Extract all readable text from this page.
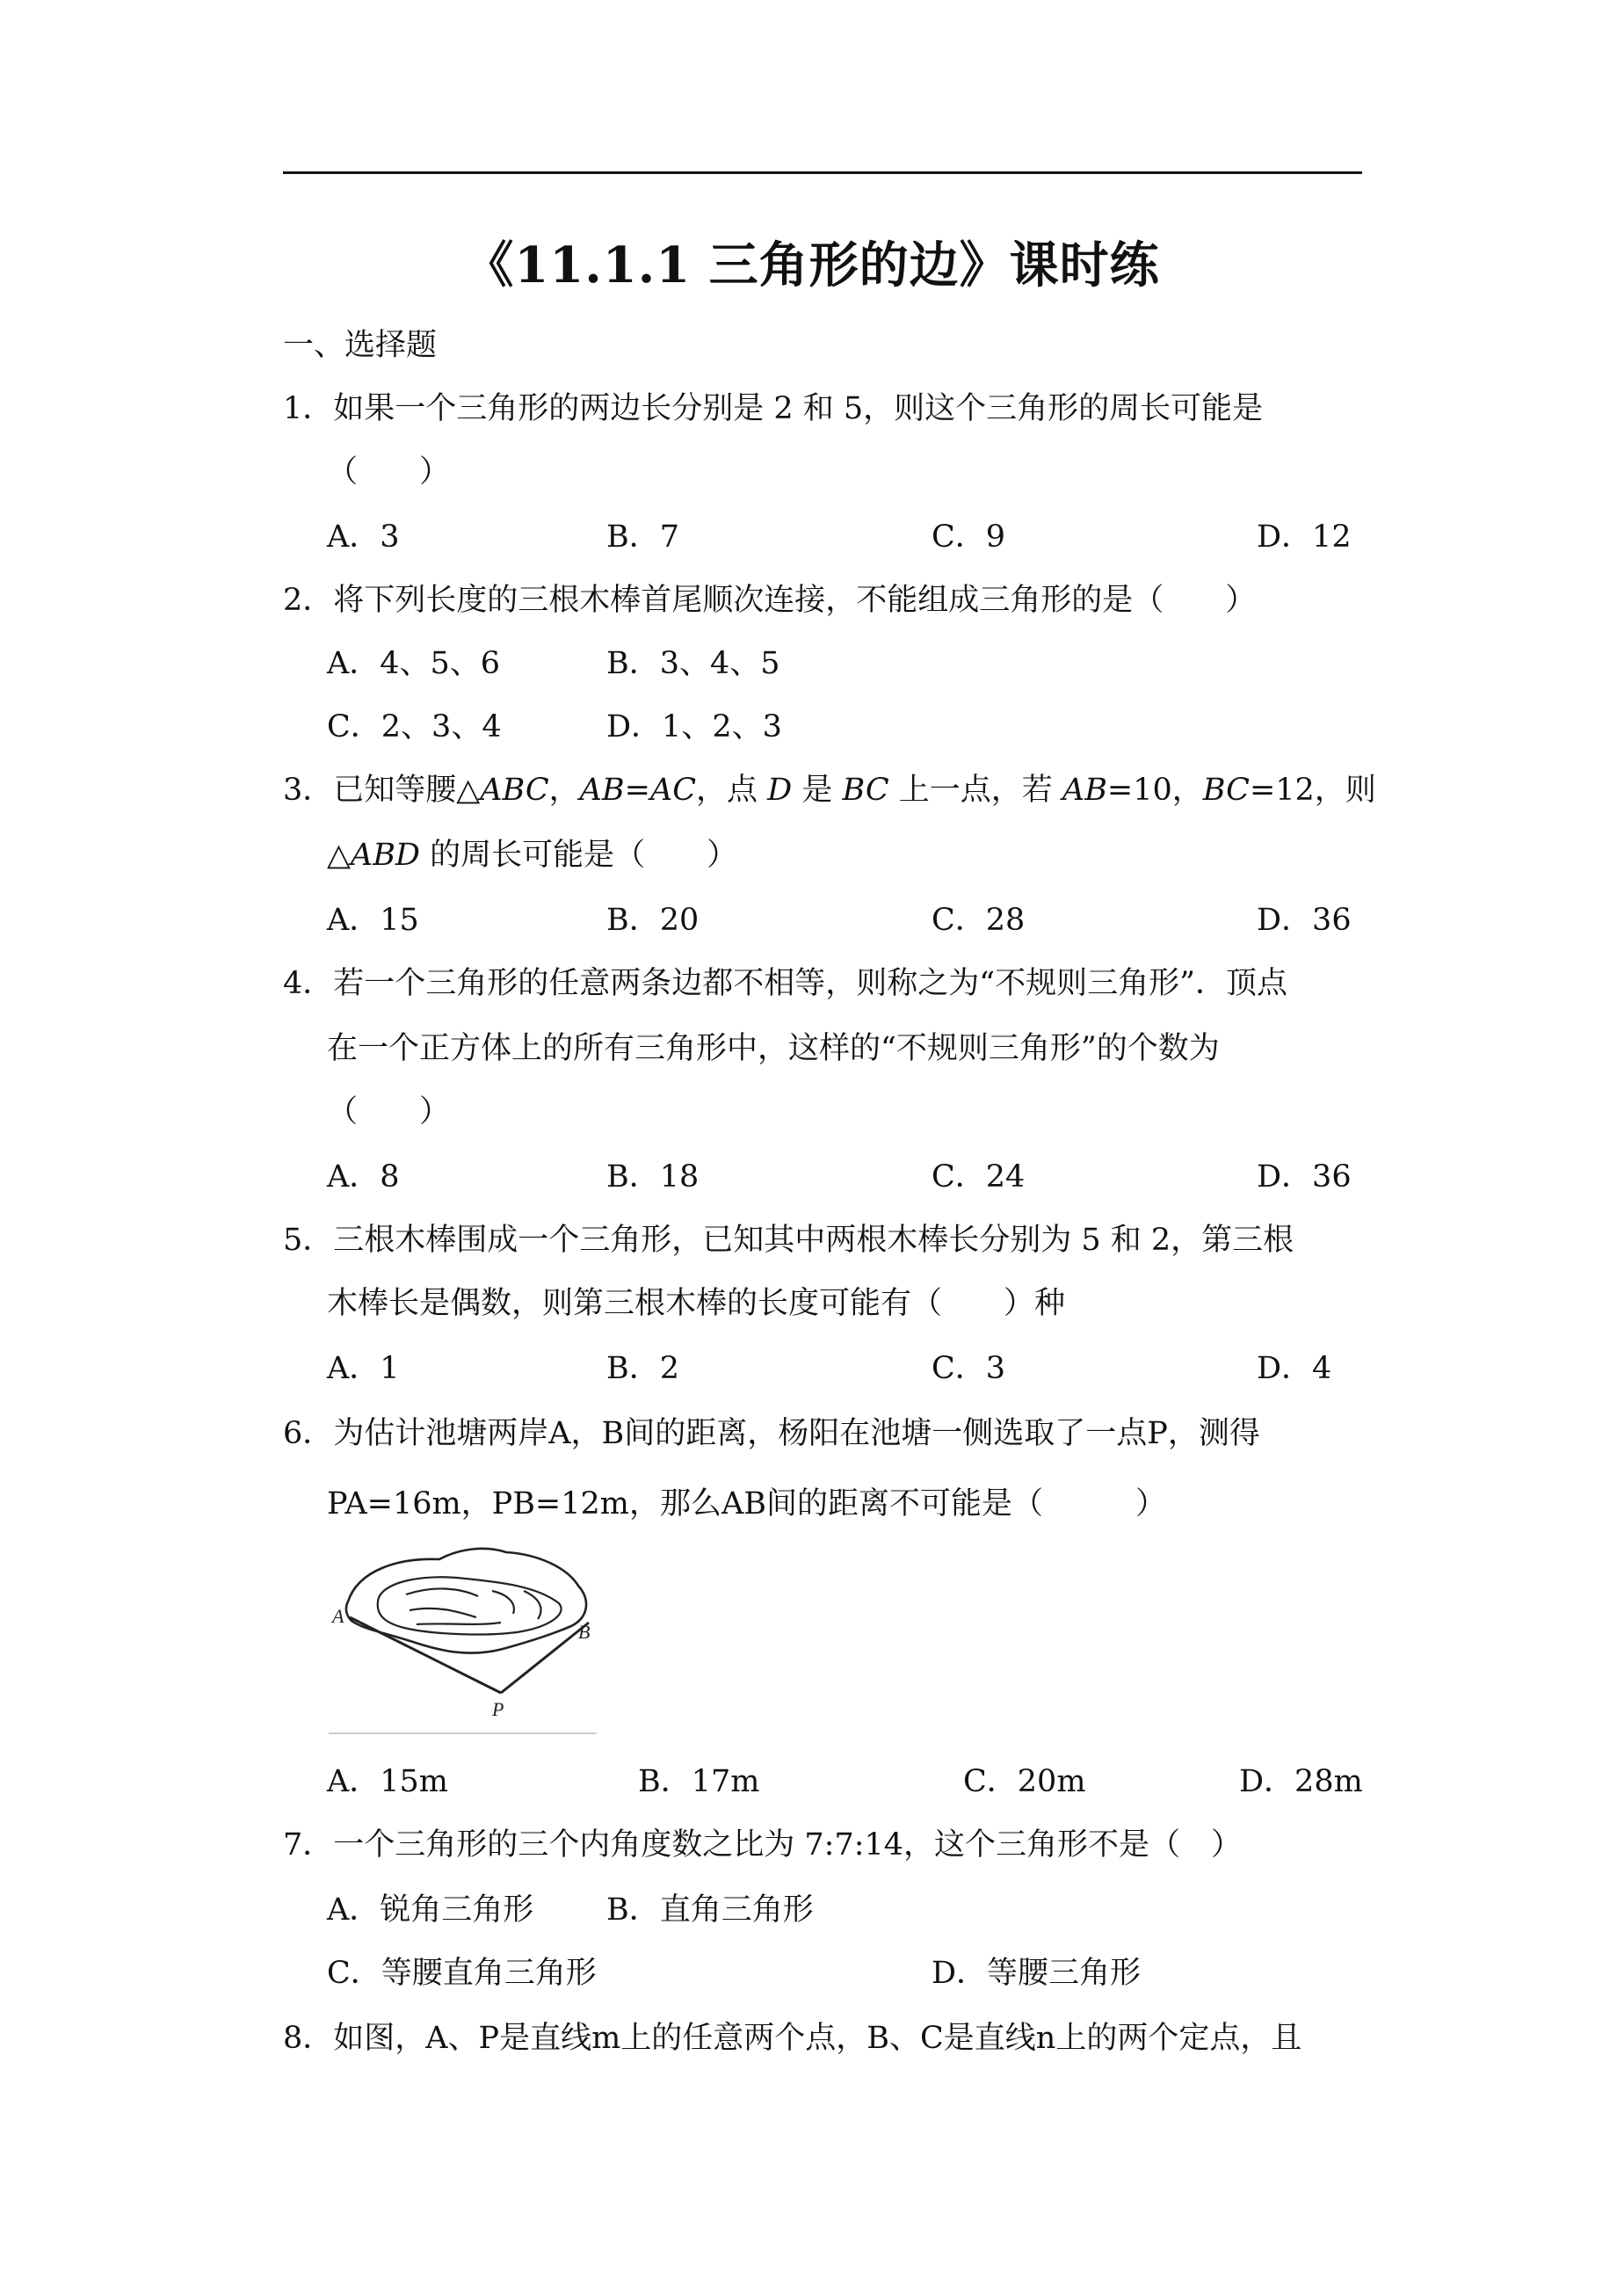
《11.1.1 三角形的边》课时练
一、选择题
1．如果一个三角形的两边长分别是 2 和 5，则这个三角形的周长可能是
（　　）
A．3	B．7	C．9	D．12
2．将下列长度的三根木棒首尾顺次连接，不能组成三角形的是（　　）
A．4、5、6	B．3、4、5
C．2、3、4	D．1、2、3
3．已知等腰△ABC，AB=AC，点 D 是 BC 上一点，若 AB=10，BC=12，则
△ABD 的周长可能是（　　）
A．15	B．20	C．28	D．36
4．若一个三角形的任意两条边都不相等，则称之为“不规则三角形”．顶点
在一个正方体上的所有三角形中，这样的“不规则三角形”的个数为
（　　）
A．8	B．18	C．24	D．36
5．三根木棒围成一个三角形，已知其中两根木棒长分别为 5 和 2，第三根
木棒长是偶数，则第三根木棒的长度可能有（　　）种
A．1	B．2	C．3	D．4
6．为估计池塘两岸A，B间的距离，杨阳在池塘一侧选取了一点P，测得
PA=16m，PB=12m，那么AB间的距离不可能是（　　　）
A
B
P
A．15m	B．17m	C．20m	D．28m
7．一个三角形的三个内角度数之比为 7:7:14，这个三角形不是（　）
A．锐角三角形 B．直角三角形
C．等腰直角三角形	D．等腰三角形
8．如图，A、P是直线m上的任意两个点，B、C是直线n上的两个定点，且
